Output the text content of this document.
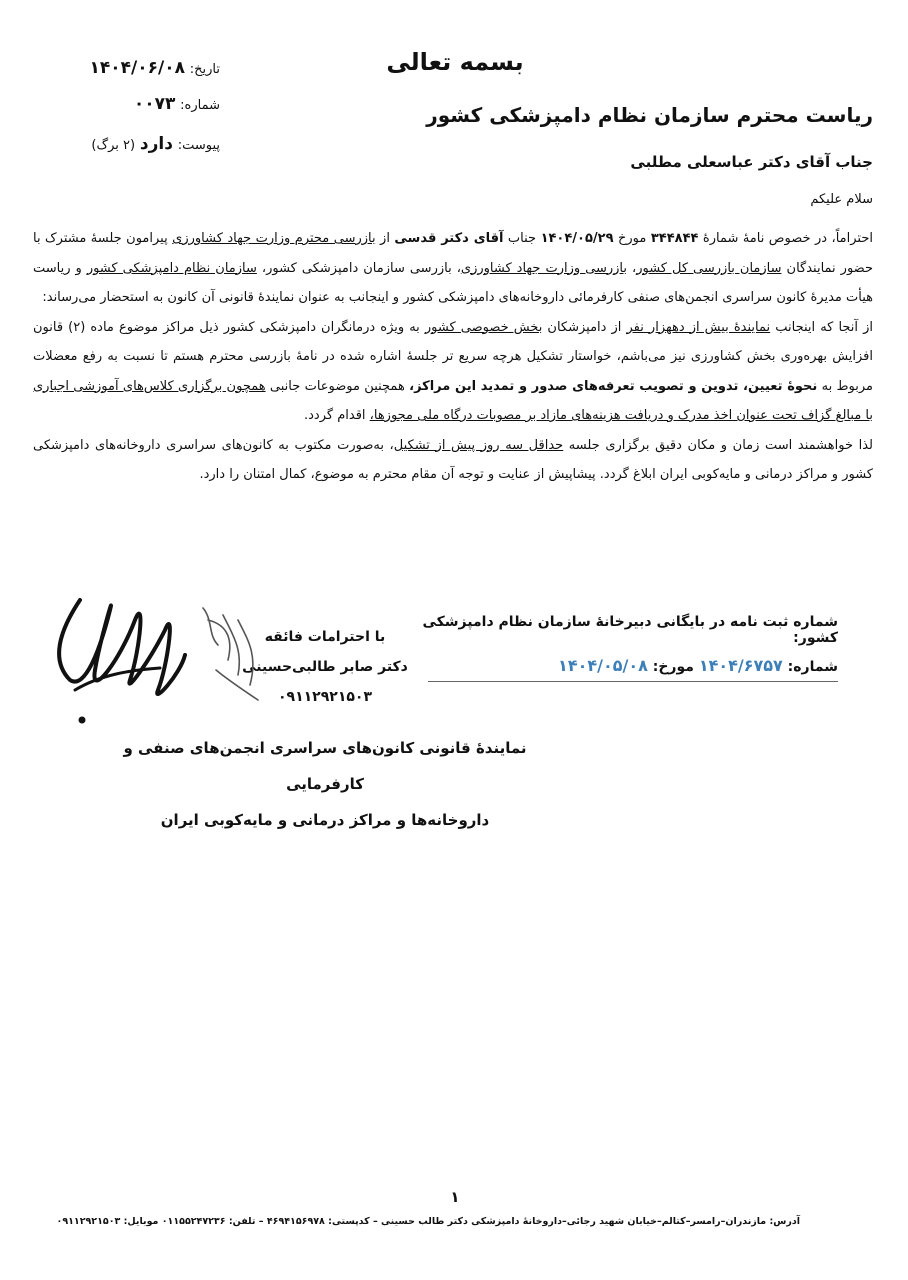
بسمه تعالی
تاریخ: ۱۴۰۴/۰۶/۰۸
شماره: ۰۰۷۳
پیوست: دارد (۲ برگ)
ریاست محترم سازمان نظام دامپزشکی کشور
جناب آقای دکتر عباسعلی مطلبی
سلام علیکم
احتراماً، در خصوص نامهٔ شمارهٔ ۳۴۴۸۴۴ مورخ ۱۴۰۴/۰۵/۲۹ جناب آقای دکتر قدسی از بازرسی محترم وزارت جهاد کشاورزی پیرامون جلسهٔ مشترک با حضور نمایندگان سازمان بازرسی کل کشور، بازرسی وزارت جهاد کشاورزی، بازرسی سازمان دامپزشکی کشور، سازمان نظام دامپزشکی کشور و ریاست هیأت مدیرهٔ کانون سراسری انجمن‌های صنفی کارفرمائی داروخانه‌های دامپزشکی کشور و اینجانب به عنوان نمایندهٔ قانونی آن کانون به استحضار می‌رساند:
از آنجا که اینجانب نمایندهٔ بیش از دههزار نفر از دامپزشکان بخش خصوصی کشور به ویژه درمانگران دامپزشکی کشور ذیل مراکز موضوع ماده (۲) قانون افزایش بهره‌وری بخش کشاورزی نیز می‌باشم، خواستار تشکیل هرچه سریع تر جلسهٔ اشاره شده در نامهٔ بازرسی محترم هستم تا نسبت به رفع معضلات مربوط به نحوهٔ تعیین، تدوین و تصویب تعرفه‌های صدور و تمدید این مراکز، همچنین موضوعات جانبی همچون برگزاری کلاس‌های آموزشی اجباری با مبالغ گزاف تحت عنوان اخذ مدرک و دریافت هزینه‌های مازاد بر مصوبات درگاه ملی مجوزها، اقدام گردد.
لذا خواهشمند است زمان و مکان دقیق برگزاری جلسه حداقل سه روز پیش از تشکیل، به‌صورت مکتوب به کانون‌های سراسری داروخانه‌های دامپزشکی کشور و مراکز درمانی و مایه‌کوبی ایران ابلاغ گردد. پیشاپیش از عنایت و توجه آن مقام محترم به موضوع، کمال امتنان را دارد.
شماره ثبت نامه در بایگانی دبیرخانهٔ سازمان نظام دامپزشکی کشور:
شماره: ۱۴۰۴/۶۷۵۷ مورخ: ۱۴۰۴/۰۵/۰۸
با احترامات فائقه
دکتر صابر طالبی‌حسینی
۰۹۱۱۲۹۲۱۵۰۳
نمایندهٔ قانونی کانون‌های سراسری انجمن‌های صنفی و کارفرمایی
داروخانه‌ها و مراکز درمانی و مایه‌کوبی ایران
۱
آدرس: مازندران–رامسر–کتالم–خیابان شهید رجائی–داروخانهٔ دامپزشکی دکتر طالب حسینی – کدپستی: ۴۶۹۴۱۵۶۹۷۸ – تلفن: ۰۱۱۵۵۲۴۷۲۳۶ موبایل: ۰۹۱۱۲۹۲۱۵۰۳
